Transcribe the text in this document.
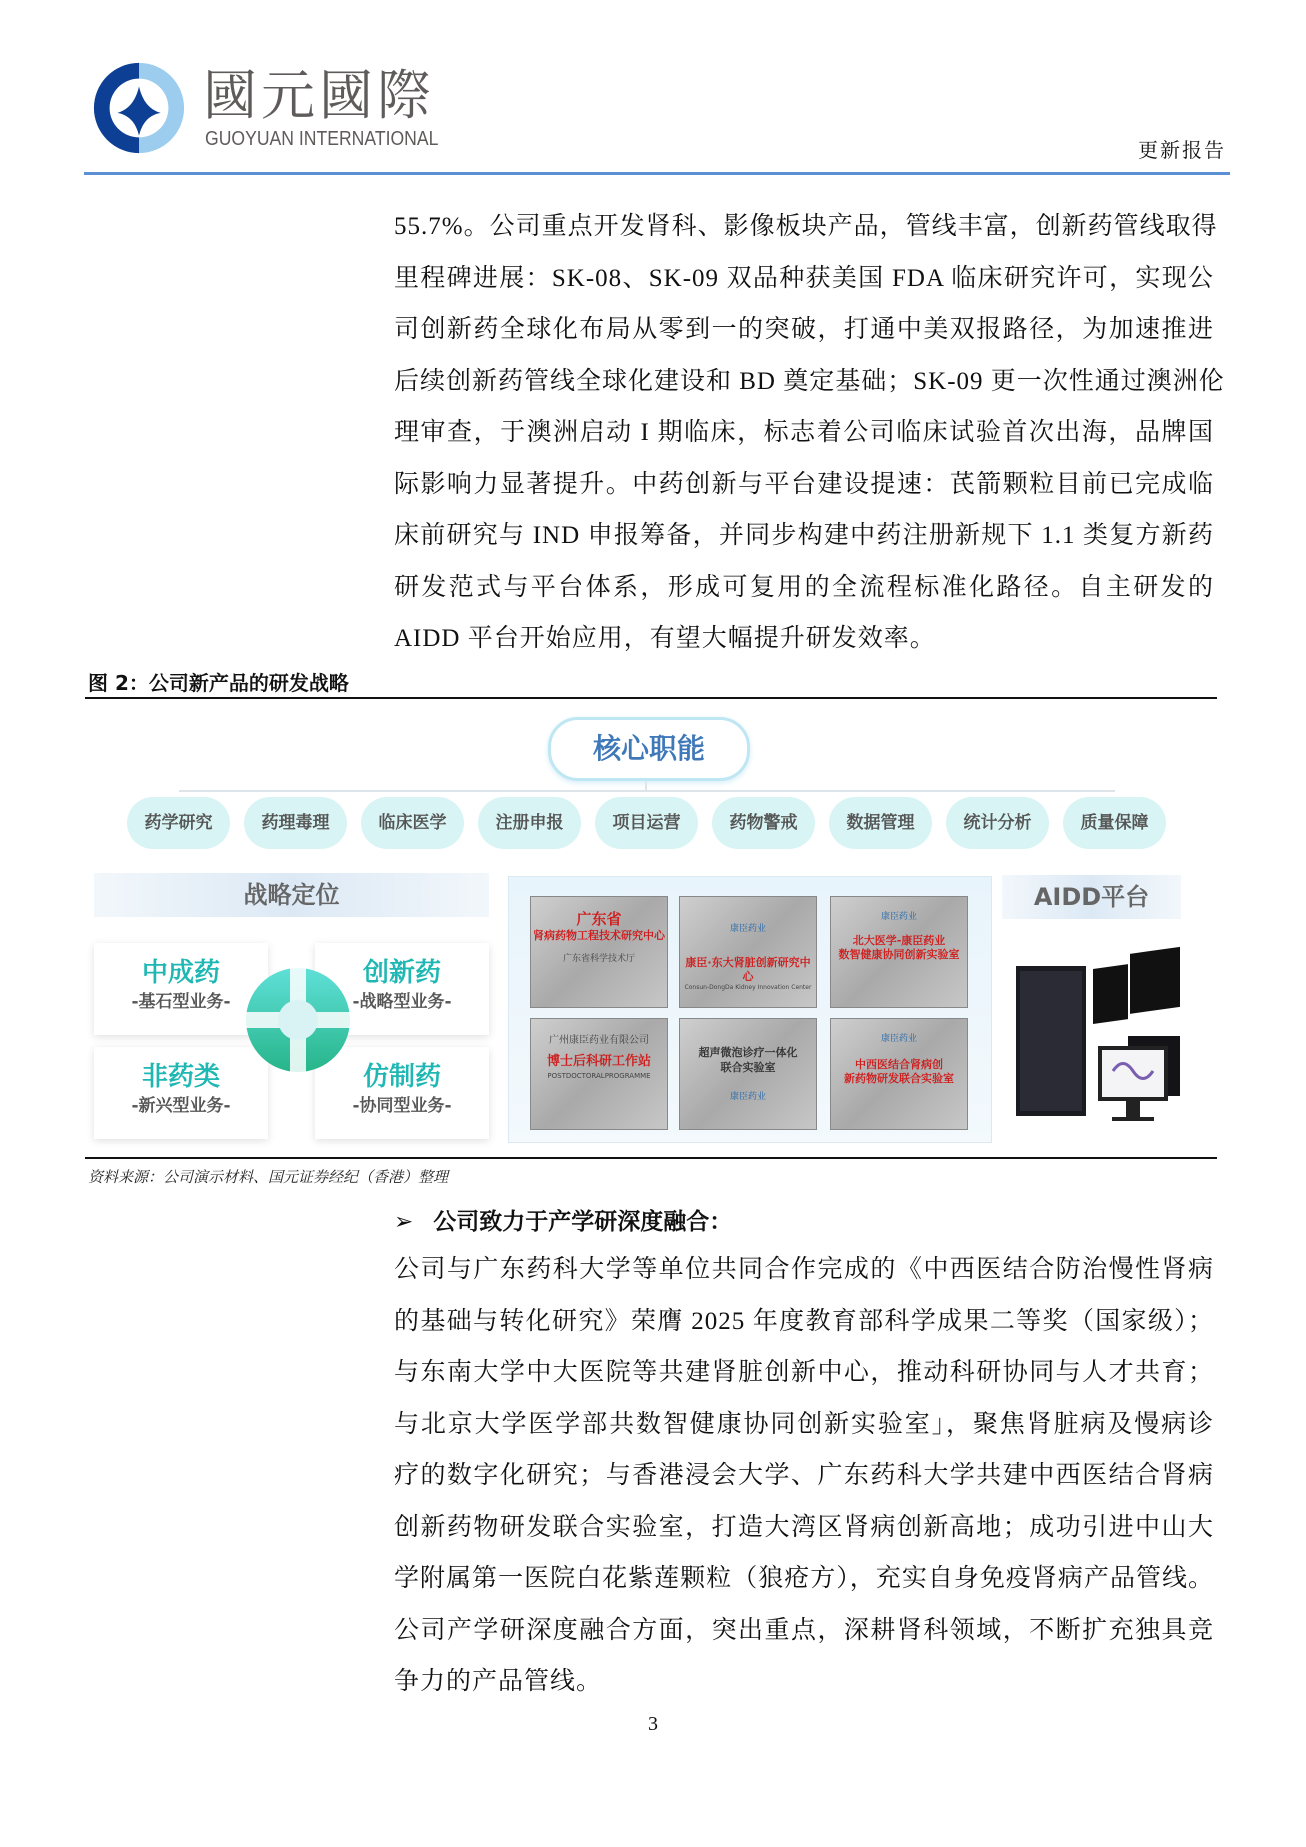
國元國際
GUOYUAN INTERNATIONAL
更新报告
55.7%。公司重点开发肾科、影像板块产品，管线丰富，创新药管线取得
里程碑进展：SK-08、SK-09 双品种获美国 FDA 临床研究许可，实现公
司创新药全球化布局从零到一的突破，打通中美双报路径，为加速推进
后续创新药管线全球化建设和 BD 奠定基础；SK-09 更一次性通过澳洲伦
理审查，于澳洲启动 I 期临床，标志着公司临床试验首次出海，品牌国
际影响力显著提升。中药创新与平台建设提速：芪箭颗粒目前已完成临
床前研究与 IND 申报筹备，并同步构建中药注册新规下 1.1 类复方新药
研发范式与平台体系，形成可复用的全流程标准化路径。自主研发的
AIDD 平台开始应用，有望大幅提升研发效率。
图 2：公司新产品的研发战略
核心职能
药学研究	药理毒理	临床医学	注册申报	项目运营	药物警戒	数据管理	统计分析	质量保障
战略定位
中成药
-基石型业务-
创新药
-战略型业务-
非药类
-新兴型业务-
仿制药
-协同型业务-
广东省
肾病药物工程技术研究中心
广东省科学技术厅
康臣药业
康臣·东大肾脏创新研究中心
Consun-DongDa Kidney Innovation Center
康臣药业
北大医学-康臣药业
数智健康协同创新实验室
广州康臣药业有限公司
博士后科研工作站
POSTDOCTORALPROGRAMME
超声微泡诊疗一体化
联合实验室
康臣药业
康臣药业
中西医结合肾病创
新药物研发联合实验室
AIDD平台
资料来源：公司演示材料、国元证券经纪（香港）整理
➢ 公司致力于产学研深度融合：
公司与广东药科大学等单位共同合作完成的《中西医结合防治慢性肾病
的基础与转化研究》荣膺 2025 年度教育部科学成果二等奖（国家级）；
与东南大学中大医院等共建肾脏创新中心，推动科研协同与人才共育；
与北京大学医学部共数智健康协同创新实验室」，聚焦肾脏病及慢病诊
疗的数字化研究；与香港浸会大学、广东药科大学共建中西医结合肾病
创新药物研发联合实验室，打造大湾区肾病创新高地；成功引进中山大
学附属第一医院白花紫莲颗粒（狼疮方），充实自身免疫肾病产品管线。
公司产学研深度融合方面，突出重点，深耕肾科领域，不断扩充独具竞
争力的产品管线。
3
